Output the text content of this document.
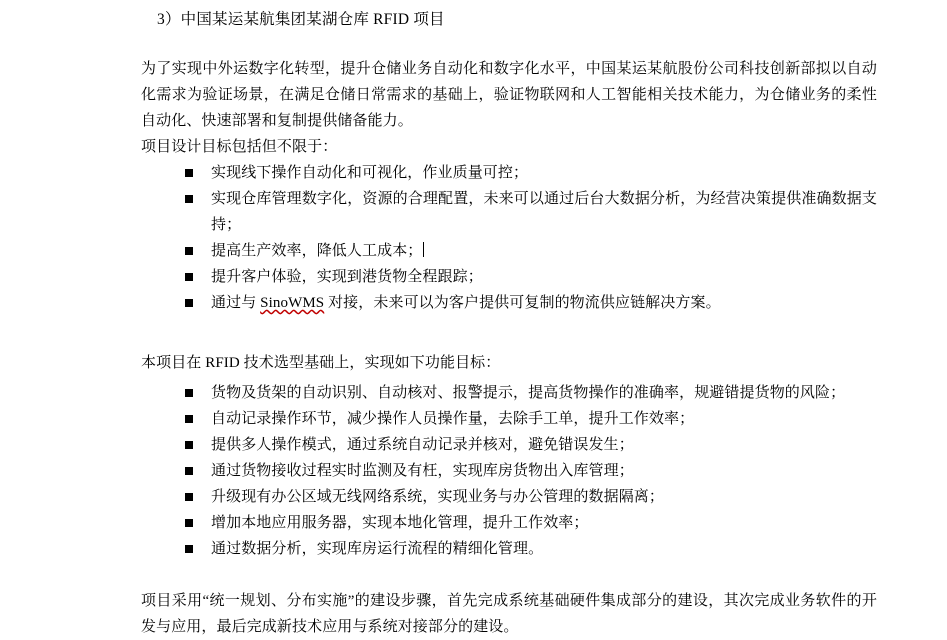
3）中国某运某航集团某湖仓库 RFID 项目

为了实现中外运数字化转型，提升仓储业务自动化和数字化水平，中国某运某航股份公司科技创新部拟以自动化需求为验证场景，在满足仓储日常需求的基础上，验证物联网和人工智能相关技术能力，为仓储业务的柔性自动化、快速部署和复制提供储备能力。

项目设计目标包括但不限于：

实现线下操作自动化和可视化，作业质量可控；
实现仓库管理数字化，资源的合理配置，未来可以通过后台大数据分析，为经营决策提供准确数据支持；
提高生产效率，降低人工成本；
提升客户体验，实现到港货物全程跟踪；
通过与 SinoWMS 对接，未来可以为客户提供可复制的物流供应链解决方案。

本项目在 RFID 技术选型基础上，实现如下功能目标：

货物及货架的自动识别、自动核对、报警提示，提高货物操作的准确率，规避错提货物的风险；
自动记录操作环节，减少操作人员操作量，去除手工单，提升工作效率；
提供多人操作模式，通过系统自动记录并核对，避免错误发生；
通过货物接收过程实时监测及有枉，实现库房货物出入库管理；
升级现有办公区域无线网络系统，实现业务与办公管理的数据隔离；
增加本地应用服务器，实现本地化管理，提升工作效率；
通过数据分析，实现库房运行流程的精细化管理。

项目采用“统一规划、分布实施”的建设步骤，首先完成系统基础硬件集成部分的建设，其次完成业务软件的开发与应用，最后完成新技术应用与系统对接部分的建设。
